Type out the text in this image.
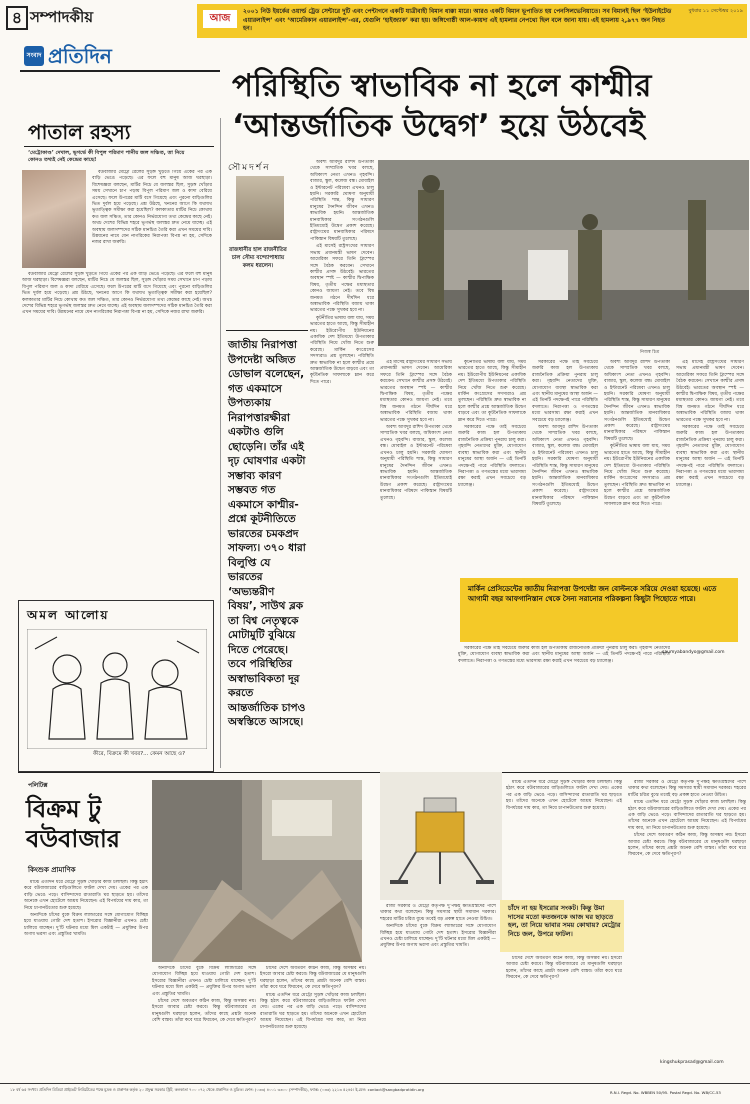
৪ সম্পাদকীয়	আজ
২০০১ নিউ ইয়র্কের ওয়ার্ল্ড ট্রেড সেন্টারে দুটি এবং পেন্টাগনে একটি যাত্রীবাহী বিমান ধাক্কা মারে। আরও একটি বিমান ভূপাতিত হয় পেনসিলভেনিয়াতে। সব বিমানই ছিল ‘ইউনাইটেড এয়ারলাইন্স’ এবং ‘আমেরিকান এয়ারলাইন্স’-এর, যেগুলি ‘হাইজ্যাক’ করা হয়। জঙ্গিগোষ্ঠী আল-কায়দা এই হামলার নেপথ্যে ছিল বলে জানা যায়। এই হামলায় ২,৯৭৭ জন নিহত হন।
বুধবার ১১ সেপ্টেম্বর ২০১৯
সংবাদ প্রতিদিন
পরিস্থিতি স্বাভাবিক না হলে কাশ্মীর ‘আন্তর্জাতিক উদ্বেগ’ হয়ে উঠবেই
পাতাল রহস্য
‘মেট্রোকাণ্ড’ দেখাল, ভূগর্ভে কী বিপুল পরিমাণ পানীয় জল সঞ্চিত, তা নিয়ে কোনও তথ্যই নেই কেন্দ্রের কাছে!

বউবাজার মেট্রো রেলের সুড়ঙ্গ খুঁড়তে গিয়ে একের পর এক বাড়ি ভেঙে পড়েছে। এর ফলে বহু মানুষ আজ ঘরছাড়া। বিশেষজ্ঞরা বলছেন, মাটির নিচে যে জলস্তর ছিল, সুড়ঙ্গ খোঁড়ার সময় সেখানে চাপ পড়ায় বিপুল পরিমাণ জল ও কাদা বেরিয়ে এসেছে। ফলে উপরের মাটি বসে গিয়েছে এবং পুরনো বাড়িগুলির ভিত দুর্বল হয়ে পড়েছে। প্রশ্ন উঠছে, খননের আগে কি যথাযথ ভূতাত্ত্বিক সমীক্ষা করা হয়েছিল? কলকাতার মাটির নিচে কোথায় কত জল সঞ্চিত, তার কোনও নির্ভরযোগ্য তথ্য কেন্দ্রের কাছে নেই। অথচ দেশের বিভিন্ন শহরে ভূগর্ভস্থ জলস্তর দ্রুত নেমে যাচ্ছে। এই অবস্থায় জলসম্পদের সঠিক মানচিত্র তৈরি করা এখন সময়ের দাবি। উন্নয়নের নামে যেন নাগরিকের নিরাপত্তা বিপন্ন না হয়, সেদিকে নজর রাখা জরুরি।

বউবাজার মেট্রো রেলের সুড়ঙ্গ খুঁড়তে গিয়ে একের পর এক বাড়ি ভেঙে পড়েছে। এর ফলে বহু মানুষ আজ ঘরছাড়া। বিশেষজ্ঞরা বলছেন, মাটির নিচে যে জলস্তর ছিল, সুড়ঙ্গ খোঁড়ার সময় সেখানে চাপ পড়ায় বিপুল পরিমাণ জল ও কাদা বেরিয়ে এসেছে। ফলে উপরের মাটি বসে গিয়েছে এবং পুরনো বাড়িগুলির ভিত দুর্বল হয়ে পড়েছে। প্রশ্ন উঠছে, খননের আগে কি যথাযথ ভূতাত্ত্বিক সমীক্ষা করা হয়েছিল? কলকাতার মাটির নিচে কোথায় কত জল সঞ্চিত, তার কোনও নির্ভরযোগ্য তথ্য কেন্দ্রের কাছে নেই। অথচ দেশের বিভিন্ন শহরে ভূগর্ভস্থ জলস্তর দ্রুত নেমে যাচ্ছে। এই অবস্থায় জলসম্পদের সঠিক মানচিত্র তৈরি করা এখন সময়ের দাবি। উন্নয়নের নামে যেন নাগরিকের নিরাপত্তা বিপন্ন না হয়, সেদিকে নজর রাখা জরুরি।

অমল আলোয়
কীরে, বিক্রমে কী খবর?... কেমন আছে ও?
সৌমদর্শন
রাজধানীর হাল রাজনীতির চাল সৌম্য বন্দ্যোপাধ্যায় কলম ধরলেন।
জাতীয় নিরাপত্তা উপদেষ্টা অজিত ডোভাল বলেছেন, গত একমাসে উপত্যকায় নিরাপত্তারক্ষীরা একটাও গুলি ছোড়েনি। তাঁর এই দৃঢ় ঘোষণার একটা সম্ভাব্য কারণ সম্ভবত গত একমাসে কাশ্মীর-প্রশ্নে কূটনীতিতে ভারতের চমকপ্রদ সাফল্য। ৩৭০ ধারা বিলুপ্তি যে ভারতের ‘অভ্যন্তরীণ বিষয়’, সাউথ ব্লক তা বিশ্ব নেতৃত্বকে মোটামুটি বুঝিয়ে দিতে পেরেছে। তবে পরিস্থিতির অস্বাভাবিকতা দূর করতে আন্তর্জাতিক চাপও অস্বস্তিতে আসছে।

অবশ্য আবদুর রাশিদ উপত্যকা থেকে সাম্প্রতিক খবর বলছে, অধিকাংশ নেতা এখনও গৃহবন্দি। বাজার, স্কুল, কলেজ বন্ধ। মোবাইল ও ইন্টারনেট পরিষেবা এখনও চালু হয়নি। সরকারি ঘোষণা অনুযায়ী পরিস্থিতি শান্ত, কিন্তু সাধারণ মানুষের দৈনন্দিন জীবন এখনও স্বাভাবিক হয়নি। আন্তর্জাতিক মানবাধিকার সংগঠনগুলি ইতিমধ্যেই উদ্বেগ প্রকাশ করেছে। রাষ্ট্রসংঘের মানবাধিকার পরিষদে পাকিস্তান বিষয়টি তুলেছে।

এই মাসেই রাষ্ট্রসংঘের সাধারণ সভায় প্রধানমন্ত্রী ভাষণ দেবেন। আমেরিকা সফরে তিনি ট্রাম্পের সঙ্গে বৈঠক করবেন। সেখানে কাশ্মীর প্রসঙ্গ উঠবেই। ভারতের অবস্থান স্পষ্ট — কাশ্মীর দ্বিপাক্ষিক বিষয়, তৃতীয় পক্ষের মধ্যস্থতার কোনও জায়গা নেই। তবে বিশ্ব জনমত গঠনে দীর্ঘদিন ধরে অস্বাভাবিক পরিস্থিতি বজায় থাকা ভারতের পক্ষে সুখকর হবে না।

কূটনীতির ভাষায় বলা যায়, সময় ভারতের হাতে আছে, কিন্তু সীমাহীন নয়। ইউরোপীয় ইউনিয়নের একাধিক দেশ ইতিমধ্যে উপত্যকার পরিস্থিতি নিয়ে খোঁজ নিতে শুরু করেছে। মার্কিন কংগ্রেসের সদস্যরাও প্রশ্ন তুলছেন। পরিস্থিতি দ্রুত স্বাভাবিক না হলে কাশ্মীর প্রশ্নে আন্তর্জাতিক উদ্বেগ বাড়বে এবং তা কূটনৈতিক সাফল্যকে ম্লান করে দিতে পারে।

নিজস্ব চিত্র

এই মাসেই রাষ্ট্রসংঘের সাধারণ সভায় প্রধানমন্ত্রী ভাষণ দেবেন। আমেরিকা সফরে তিনি ট্রাম্পের সঙ্গে বৈঠক করবেন। সেখানে কাশ্মীর প্রসঙ্গ উঠবেই। ভারতের অবস্থান স্পষ্ট — কাশ্মীর দ্বিপাক্ষিক বিষয়, তৃতীয় পক্ষের মধ্যস্থতার কোনও জায়গা নেই। তবে বিশ্ব জনমত গঠনে দীর্ঘদিন ধরে অস্বাভাবিক পরিস্থিতি বজায় থাকা ভারতের পক্ষে সুখকর হবে না।

অবশ্য আবদুর রাশিদ উপত্যকা থেকে সাম্প্রতিক খবর বলছে, অধিকাংশ নেতা এখনও গৃহবন্দি। বাজার, স্কুল, কলেজ বন্ধ। মোবাইল ও ইন্টারনেট পরিষেবা এখনও চালু হয়নি। সরকারি ঘোষণা অনুযায়ী পরিস্থিতি শান্ত, কিন্তু সাধারণ মানুষের দৈনন্দিন জীবন এখনও স্বাভাবিক হয়নি। আন্তর্জাতিক মানবাধিকার সংগঠনগুলি ইতিমধ্যেই উদ্বেগ প্রকাশ করেছে। রাষ্ট্রসংঘের মানবাধিকার পরিষদে পাকিস্তান বিষয়টি তুলেছে।

কূটনীতির ভাষায় বলা যায়, সময় ভারতের হাতে আছে, কিন্তু সীমাহীন নয়। ইউরোপীয় ইউনিয়নের একাধিক দেশ ইতিমধ্যে উপত্যকার পরিস্থিতি নিয়ে খোঁজ নিতে শুরু করেছে। মার্কিন কংগ্রেসের সদস্যরাও প্রশ্ন তুলছেন। পরিস্থিতি দ্রুত স্বাভাবিক না হলে কাশ্মীর প্রশ্নে আন্তর্জাতিক উদ্বেগ বাড়বে এবং তা কূটনৈতিক সাফল্যকে ম্লান করে দিতে পারে।

সরকারের পক্ষে তাই সবচেয়ে জরুরি কাজ হল উপত্যকায় রাজনৈতিক প্রক্রিয়া পুনরায় চালু করা। গৃহবন্দি নেতাদের মুক্তি, যোগাযোগ ব্যবস্থা স্বাভাবিক করা এবং স্থানীয় মানুষের আস্থা অর্জন — এই তিনটি পদক্ষেপই পারে পরিস্থিতি বদলাতে। নিরাপত্তা ও গণতন্ত্রের মধ্যে ভারসাম্য রক্ষা করাই এখন সবচেয়ে বড় চ্যালেঞ্জ।

সরকারের পক্ষে তাই সবচেয়ে জরুরি কাজ হল উপত্যকায় রাজনৈতিক প্রক্রিয়া পুনরায় চালু করা। গৃহবন্দি নেতাদের মুক্তি, যোগাযোগ ব্যবস্থা স্বাভাবিক করা এবং স্থানীয় মানুষের আস্থা অর্জন — এই তিনটি পদক্ষেপই পারে পরিস্থিতি বদলাতে। নিরাপত্তা ও গণতন্ত্রের মধ্যে ভারসাম্য রক্ষা করাই এখন সবচেয়ে বড় চ্যালেঞ্জ।

অবশ্য আবদুর রাশিদ উপত্যকা থেকে সাম্প্রতিক খবর বলছে, অধিকাংশ নেতা এখনও গৃহবন্দি। বাজার, স্কুল, কলেজ বন্ধ। মোবাইল ও ইন্টারনেট পরিষেবা এখনও চালু হয়নি। সরকারি ঘোষণা অনুযায়ী পরিস্থিতি শান্ত, কিন্তু সাধারণ মানুষের দৈনন্দিন জীবন এখনও স্বাভাবিক হয়নি। আন্তর্জাতিক মানবাধিকার সংগঠনগুলি ইতিমধ্যেই উদ্বেগ প্রকাশ করেছে। রাষ্ট্রসংঘের মানবাধিকার পরিষদে পাকিস্তান বিষয়টি তুলেছে।

অবশ্য আবদুর রাশিদ উপত্যকা থেকে সাম্প্রতিক খবর বলছে, অধিকাংশ নেতা এখনও গৃহবন্দি। বাজার, স্কুল, কলেজ বন্ধ। মোবাইল ও ইন্টারনেট পরিষেবা এখনও চালু হয়নি। সরকারি ঘোষণা অনুযায়ী পরিস্থিতি শান্ত, কিন্তু সাধারণ মানুষের দৈনন্দিন জীবন এখনও স্বাভাবিক হয়নি। আন্তর্জাতিক মানবাধিকার সংগঠনগুলি ইতিমধ্যেই উদ্বেগ প্রকাশ করেছে। রাষ্ট্রসংঘের মানবাধিকার পরিষদে পাকিস্তান বিষয়টি তুলেছে।

কূটনীতির ভাষায় বলা যায়, সময় ভারতের হাতে আছে, কিন্তু সীমাহীন নয়। ইউরোপীয় ইউনিয়নের একাধিক দেশ ইতিমধ্যে উপত্যকার পরিস্থিতি নিয়ে খোঁজ নিতে শুরু করেছে। মার্কিন কংগ্রেসের সদস্যরাও প্রশ্ন তুলছেন। পরিস্থিতি দ্রুত স্বাভাবিক না হলে কাশ্মীর প্রশ্নে আন্তর্জাতিক উদ্বেগ বাড়বে এবং তা কূটনৈতিক সাফল্যকে ম্লান করে দিতে পারে।

এই মাসেই রাষ্ট্রসংঘের সাধারণ সভায় প্রধানমন্ত্রী ভাষণ দেবেন। আমেরিকা সফরে তিনি ট্রাম্পের সঙ্গে বৈঠক করবেন। সেখানে কাশ্মীর প্রসঙ্গ উঠবেই। ভারতের অবস্থান স্পষ্ট — কাশ্মীর দ্বিপাক্ষিক বিষয়, তৃতীয় পক্ষের মধ্যস্থতার কোনও জায়গা নেই। তবে বিশ্ব জনমত গঠনে দীর্ঘদিন ধরে অস্বাভাবিক পরিস্থিতি বজায় থাকা ভারতের পক্ষে সুখকর হবে না।

সরকারের পক্ষে তাই সবচেয়ে জরুরি কাজ হল উপত্যকায় রাজনৈতিক প্রক্রিয়া পুনরায় চালু করা। গৃহবন্দি নেতাদের মুক্তি, যোগাযোগ ব্যবস্থা স্বাভাবিক করা এবং স্থানীয় মানুষের আস্থা অর্জন — এই তিনটি পদক্ষেপই পারে পরিস্থিতি বদলাতে। নিরাপত্তা ও গণতন্ত্রের মধ্যে ভারসাম্য রক্ষা করাই এখন সবচেয়ে বড় চ্যালেঞ্জ।

মার্কিন প্রেসিডেন্টের জাতীয় নিরাপত্তা উপদেষ্টা জন বোল্টনকে সরিয়ে দেওয়া হয়েছে। এতে আগামী বছর আফগানিস্তান থেকে সৈন্য সরানোর পরিকল্পনা কিছুটা পিছোতে পারে।

সরকারের পক্ষে তাই সবচেয়ে জরুরি কাজ হল উপত্যকায় রাজনৈতিক প্রক্রিয়া পুনরায় চালু করা। গৃহবন্দি নেতাদের মুক্তি, যোগাযোগ ব্যবস্থা স্বাভাবিক করা এবং স্থানীয় মানুষের আস্থা অর্জন — এই তিনটি পদক্ষেপই পারে পরিস্থিতি বদলাতে। নিরাপত্তা ও গণতন্ত্রের মধ্যে ভারসাম্য রক্ষা করাই এখন সবচেয়ে বড় চ্যালেঞ্জ।

saumyabandyo@gmail.com
পলিটিক্স
বিক্রম টু বউবাজার
কিংশুক প্রামাণিক

মাঝে এতদিন ধরে মেট্রো সুড়ঙ্গ খোঁড়ার কাজ চলছিল। কিন্তু হঠাৎ করে বউবাজারের বাড়িগুলিতে ফাটল দেখা দেয়। একের পর এক বাড়ি ভেঙে পড়ে। বাসিন্দাদের রাতারাতি ঘর ছাড়তে হয়। তাঁদের অনেকে এখন হোটেলে আশ্রয় নিয়েছেন। এই বিপর্যয়ের দায় কার, তা নিয়ে চাপানউতোর শুরু হয়েছে।

অন্যদিকে চাঁদের বুকে বিক্রম ল্যান্ডারের সঙ্গে যোগাযোগ বিচ্ছিন্ন হয়ে যাওয়ায় গোটা দেশ হতাশ। ইসরোর বিজ্ঞানীরা এখনও চেষ্টা চালিয়ে যাচ্ছেন। দু’টি ঘটনার মধ্যে মিল একটাই — প্রযুক্তির উপর অগাধ ভরসা এবং প্রস্তুতির খামতি।

অন্যদিকে চাঁদের বুকে বিক্রম ল্যান্ডারের সঙ্গে যোগাযোগ বিচ্ছিন্ন হয়ে যাওয়ায় গোটা দেশ হতাশ। ইসরোর বিজ্ঞানীরা এখনও চেষ্টা চালিয়ে যাচ্ছেন। দু’টি ঘটনার মধ্যে মিল একটাই — প্রযুক্তির উপর অগাধ ভরসা এবং প্রস্তুতির খামতি।

চাঁদের দেশে অবতরণ কঠিন কাজ, কিন্তু অসম্ভব নয়। ইসরো আবার চেষ্টা করবে। কিন্তু বউবাজারের যে মানুষগুলি ঘরছাড়া হলেন, তাঁদের কাছে প্রশ্নটা অনেক বেশি বাস্তব। তাঁরা কবে ঘরে ফিরবেন, কে দেবে ক্ষতিপূরণ?

চাঁদের দেশে অবতরণ কঠিন কাজ, কিন্তু অসম্ভব নয়। ইসরো আবার চেষ্টা করবে। কিন্তু বউবাজারের যে মানুষগুলি ঘরছাড়া হলেন, তাঁদের কাছে প্রশ্নটা অনেক বেশি বাস্তব। তাঁরা কবে ঘরে ফিরবেন, কে দেবে ক্ষতিপূরণ?

মাঝে এতদিন ধরে মেট্রো সুড়ঙ্গ খোঁড়ার কাজ চলছিল। কিন্তু হঠাৎ করে বউবাজারের বাড়িগুলিতে ফাটল দেখা দেয়। একের পর এক বাড়ি ভেঙে পড়ে। বাসিন্দাদের রাতারাতি ঘর ছাড়তে হয়। তাঁদের অনেকে এখন হোটেলে আশ্রয় নিয়েছেন। এই বিপর্যয়ের দায় কার, তা নিয়ে চাপানউতোর শুরু হয়েছে।

রাজ্য সরকার ও মেট্রো কর্তৃপক্ষ দু’পক্ষই ক্ষতিগ্রস্তদের পাশে থাকার কথা বলেছেন। কিন্তু সমস্যার স্থায়ী সমাধান দরকার। শহরের মাটির চরিত্র বুঝে তবেই বড় প্রকল্প হাতে নেওয়া উচিত।

অন্যদিকে চাঁদের বুকে বিক্রম ল্যান্ডারের সঙ্গে যোগাযোগ বিচ্ছিন্ন হয়ে যাওয়ায় গোটা দেশ হতাশ। ইসরোর বিজ্ঞানীরা এখনও চেষ্টা চালিয়ে যাচ্ছেন। দু’টি ঘটনার মধ্যে মিল একটাই — প্রযুক্তির উপর অগাধ ভরসা এবং প্রস্তুতির খামতি।

মাঝে এতদিন ধরে মেট্রো সুড়ঙ্গ খোঁড়ার কাজ চলছিল। কিন্তু হঠাৎ করে বউবাজারের বাড়িগুলিতে ফাটল দেখা দেয়। একের পর এক বাড়ি ভেঙে পড়ে। বাসিন্দাদের রাতারাতি ঘর ছাড়তে হয়। তাঁদের অনেকে এখন হোটেলে আশ্রয় নিয়েছেন। এই বিপর্যয়ের দায় কার, তা নিয়ে চাপানউতোর শুরু হয়েছে।

চাঁদে না হয় ইসরোর সংকট। কিন্তু উমা দাসের মতো কতজনকে আজ ঘর ছাড়তে হল, তা নিয়ে ভাবার সময় কোথায়? মেট্রোর নিচে জল, উপরে ফাটল।

চাঁদের দেশে অবতরণ কঠিন কাজ, কিন্তু অসম্ভব নয়। ইসরো আবার চেষ্টা করবে। কিন্তু বউবাজারের যে মানুষগুলি ঘরছাড়া হলেন, তাঁদের কাছে প্রশ্নটা অনেক বেশি বাস্তব। তাঁরা কবে ঘরে ফিরবেন, কে দেবে ক্ষতিপূরণ?

রাজ্য সরকার ও মেট্রো কর্তৃপক্ষ দু’পক্ষই ক্ষতিগ্রস্তদের পাশে থাকার কথা বলেছেন। কিন্তু সমস্যার স্থায়ী সমাধান দরকার। শহরের মাটির চরিত্র বুঝে তবেই বড় প্রকল্প হাতে নেওয়া উচিত।

মাঝে এতদিন ধরে মেট্রো সুড়ঙ্গ খোঁড়ার কাজ চলছিল। কিন্তু হঠাৎ করে বউবাজারের বাড়িগুলিতে ফাটল দেখা দেয়। একের পর এক বাড়ি ভেঙে পড়ে। বাসিন্দাদের রাতারাতি ঘর ছাড়তে হয়। তাঁদের অনেকে এখন হোটেলে আশ্রয় নিয়েছেন। এই বিপর্যয়ের দায় কার, তা নিয়ে চাপানউতোর শুরু হয়েছে।

চাঁদের দেশে অবতরণ কঠিন কাজ, কিন্তু অসম্ভব নয়। ইসরো আবার চেষ্টা করবে। কিন্তু বউবাজারের যে মানুষগুলি ঘরছাড়া হলেন, তাঁদের কাছে প্রশ্নটা অনেক বেশি বাস্তব। তাঁরা কবে ঘরে ফিরবেন, কে দেবে ক্ষতিপূরণ?

kingshukprasad@gmail.com
১৮ বর্ষ ৬৫ সংখ্যা। প্রতিদিন মিডিয়া প্রাইভেট লিমিটেডের পক্ষে মুদ্রক ও প্রকাশক কর্তৃক ২০ প্রফুল্ল সরকার স্ট্রিট, কলকাতা ৭০০ ০৭২ থেকে প্রকাশিত ও মুদ্রিত। ফোন: (০৩৩) ৪০০১ ৩৩০০ (সম্পাদকীয়), ফ্যাক্স: (০৩৩) ২২১৩ ৫২৪৫। ই-মেল: contact@sangbadpratidin.org
R.N.I. Regd. No. WBBEN 50/95. Postal Regd. No. WB/CC-53
